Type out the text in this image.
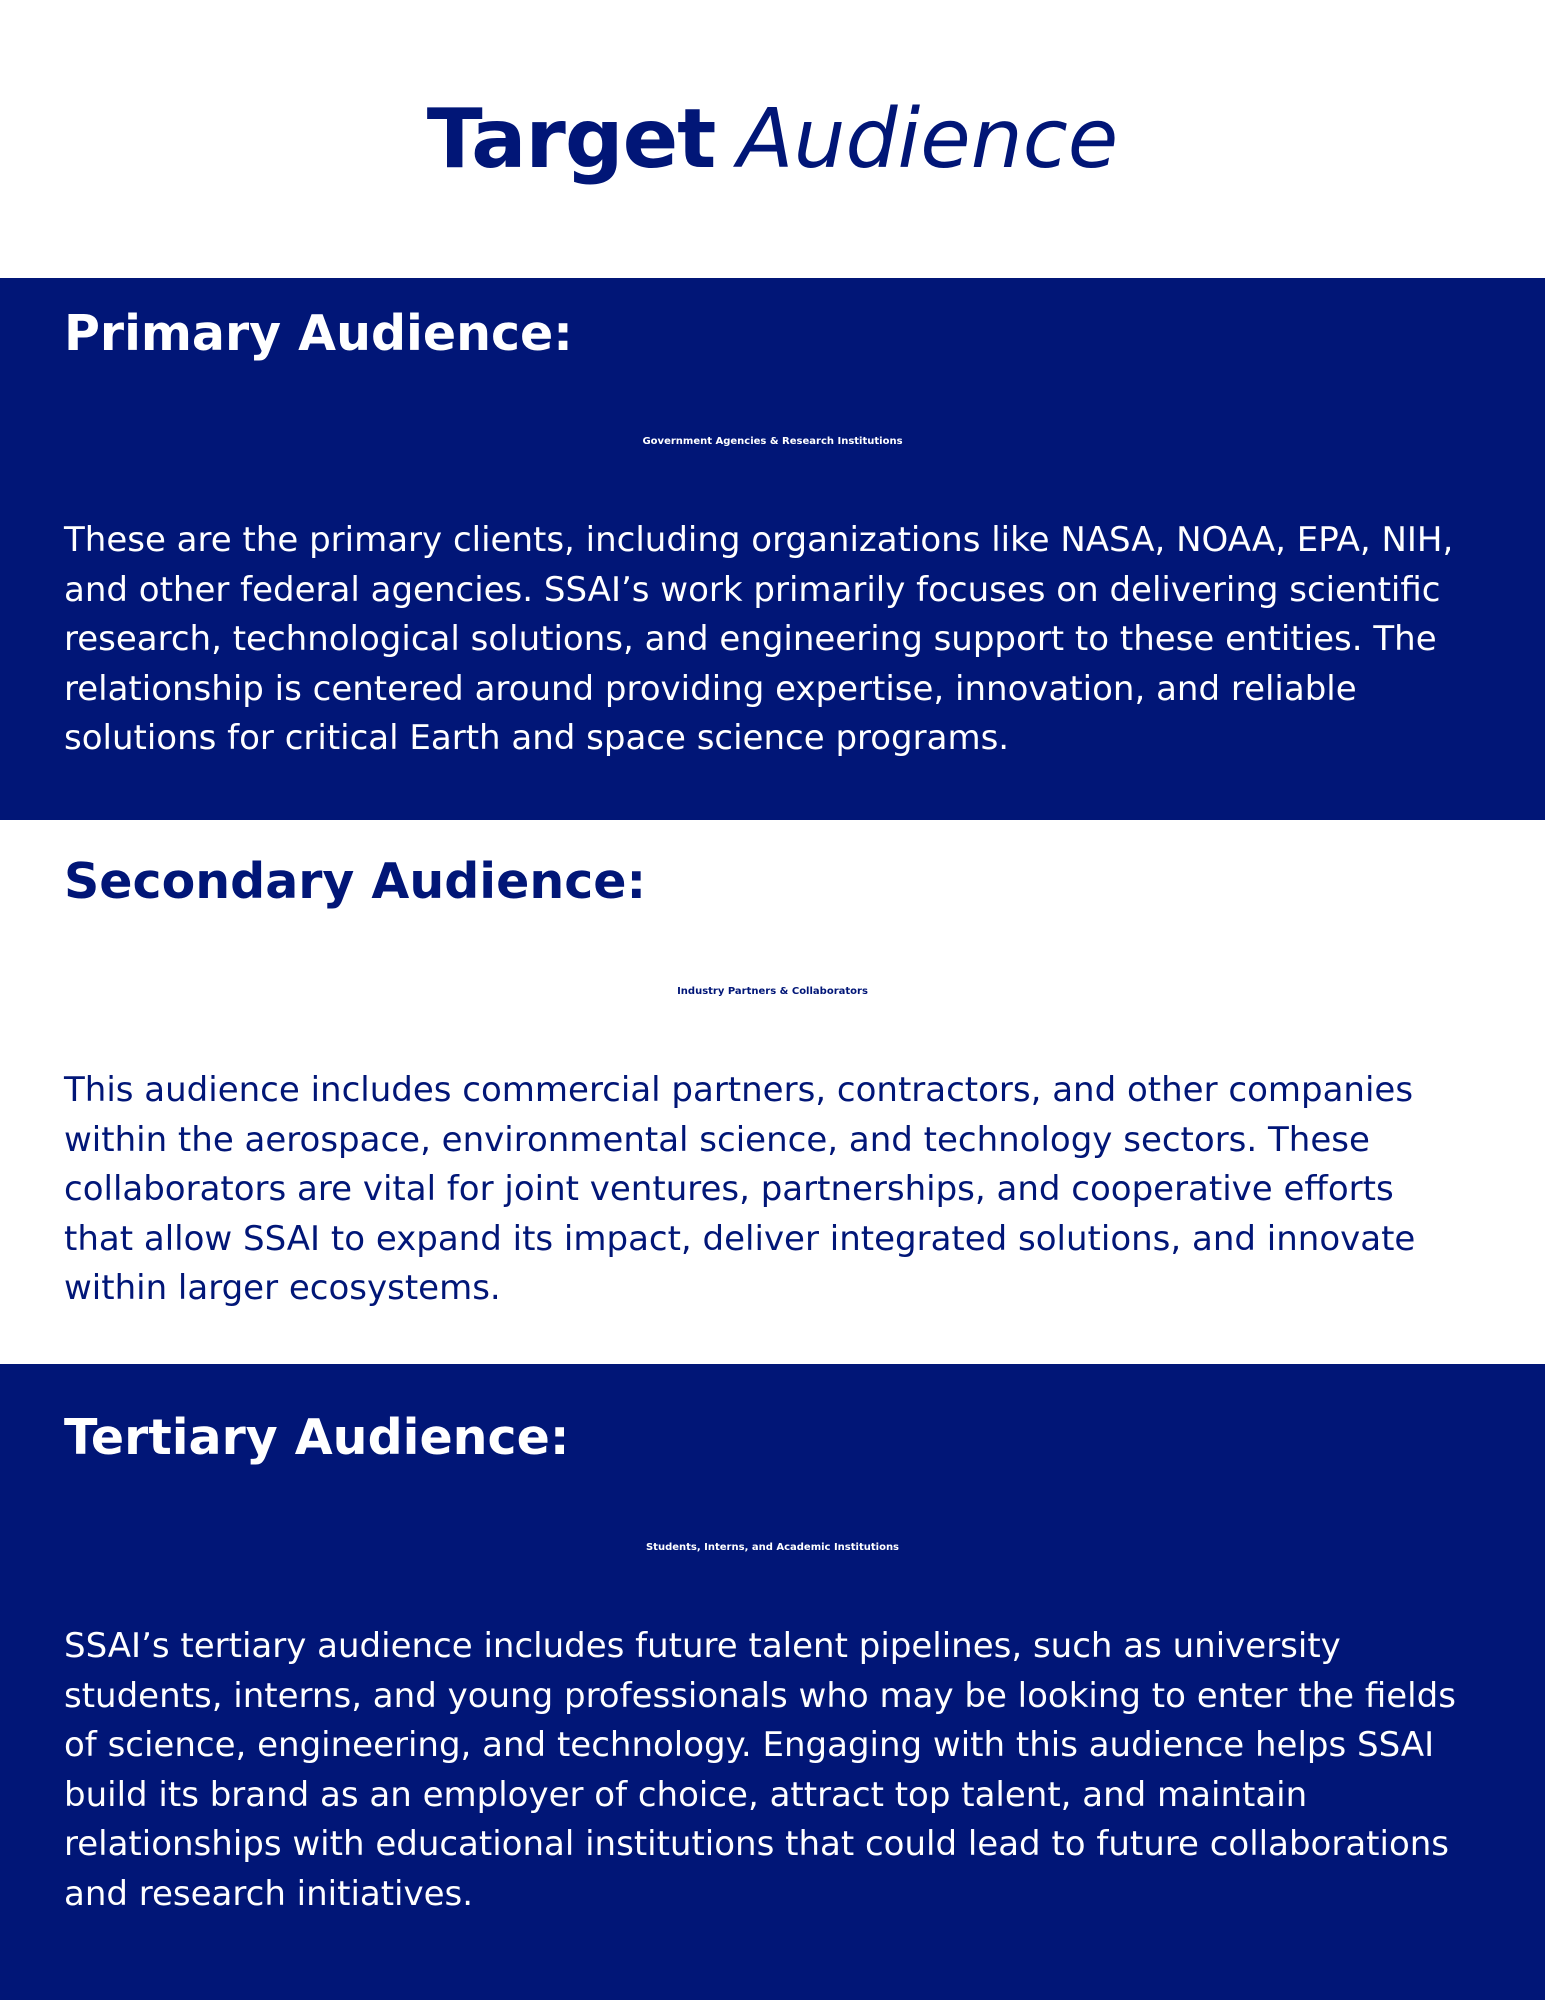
Target Audience
Primary Audience:
Government Agencies & Research Institutions
These are the primary clients, including organizations like NASA, NOAA, EPA, NIH,
and other federal agencies. SSAI’s work primarily focuses on delivering scientific
research, technological solutions, and engineering support to these entities. The
relationship is centered around providing expertise, innovation, and reliable
solutions for critical Earth and space science programs.
Secondary Audience:
Industry Partners & Collaborators
This audience includes commercial partners, contractors, and other companies
within the aerospace, environmental science, and technology sectors. These
collaborators are vital for joint ventures, partnerships, and cooperative efforts
that allow SSAI to expand its impact, deliver integrated solutions, and innovate
within larger ecosystems.
Tertiary Audience:
Students, Interns, and Academic Institutions
SSAI’s tertiary audience includes future talent pipelines, such as university
students, interns, and young professionals who may be looking to enter the fields
of science, engineering, and technology. Engaging with this audience helps SSAI
build its brand as an employer of choice, attract top talent, and maintain
relationships with educational institutions that could lead to future collaborations
and research initiatives.
